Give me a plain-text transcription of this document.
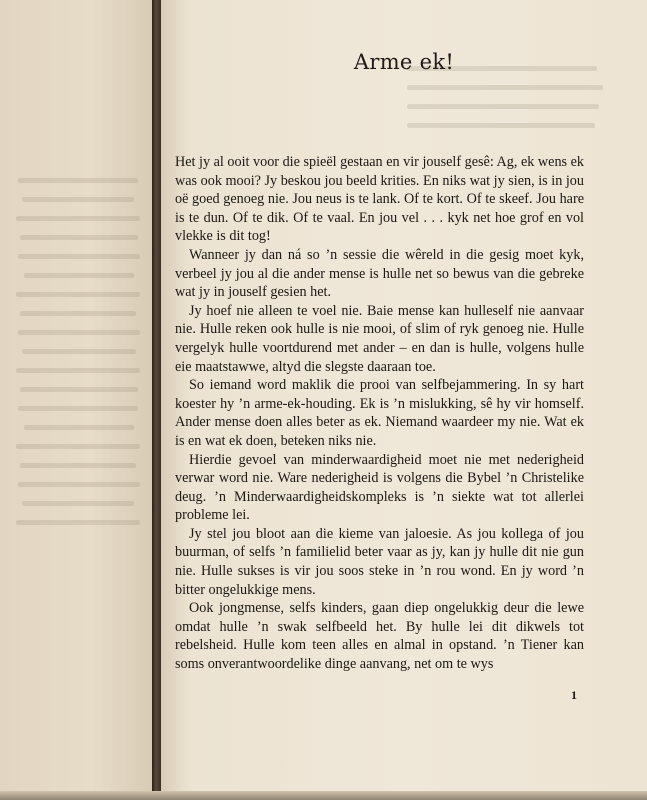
Arme ek!

Het jy al ooit voor die spieël gestaan en vir jouself gesê: Ag, ek wens ek was ook mooi? Jy beskou jou beeld krities. En niks wat jy sien, is in jou oë goed genoeg nie. Jou neus is te lank. Of te kort. Of te skeef. Jou hare is te dun. Of te dik. Of te vaal. En jou vel . . . kyk net hoe grof en vol vlekke is dit tog!

Wanneer jy dan ná so ’n sessie die wêreld in die gesig moet kyk, verbeel jy jou al die ander mense is hulle net so bewus van die gebreke wat jy in jouself gesien het.

Jy hoef nie alleen te voel nie. Baie mense kan hulleself nie aanvaar nie. Hulle reken ook hulle is nie mooi, of slim of ryk genoeg nie. Hulle vergelyk hulle voortdurend met ander – en dan is hulle, volgens hulle eie maatstawwe, altyd die slegste daaraan toe.

So iemand word maklik die prooi van selfbejammering. In sy hart koester hy ’n arme-ek-houding. Ek is ’n mislukking, sê hy vir homself. Ander mense doen alles beter as ek. Niemand waardeer my nie. Wat ek is en wat ek doen, beteken niks nie.

Hierdie gevoel van minderwaardigheid moet nie met nederigheid verwar word nie. Ware nederigheid is volgens die Bybel ’n Christelike deug. ’n Minderwaardigheidskompleks is ’n siekte wat tot allerlei probleme lei.

Jy stel jou bloot aan die kieme van jaloesie. As jou kollega of jou buurman, of selfs ’n familielid beter vaar as jy, kan jy hulle dit nie gun nie. Hulle sukses is vir jou soos steke in ’n rou wond. En jy word ’n bitter ongelukkige mens.

Ook jongmense, selfs kinders, gaan diep ongelukkig deur die lewe omdat hulle ’n swak selfbeeld het. By hulle lei dit dikwels tot rebelsheid. Hulle kom teen alles en almal in opstand. ’n Tiener kan soms onverantwoordelike dinge aanvang, net om te wys

1
